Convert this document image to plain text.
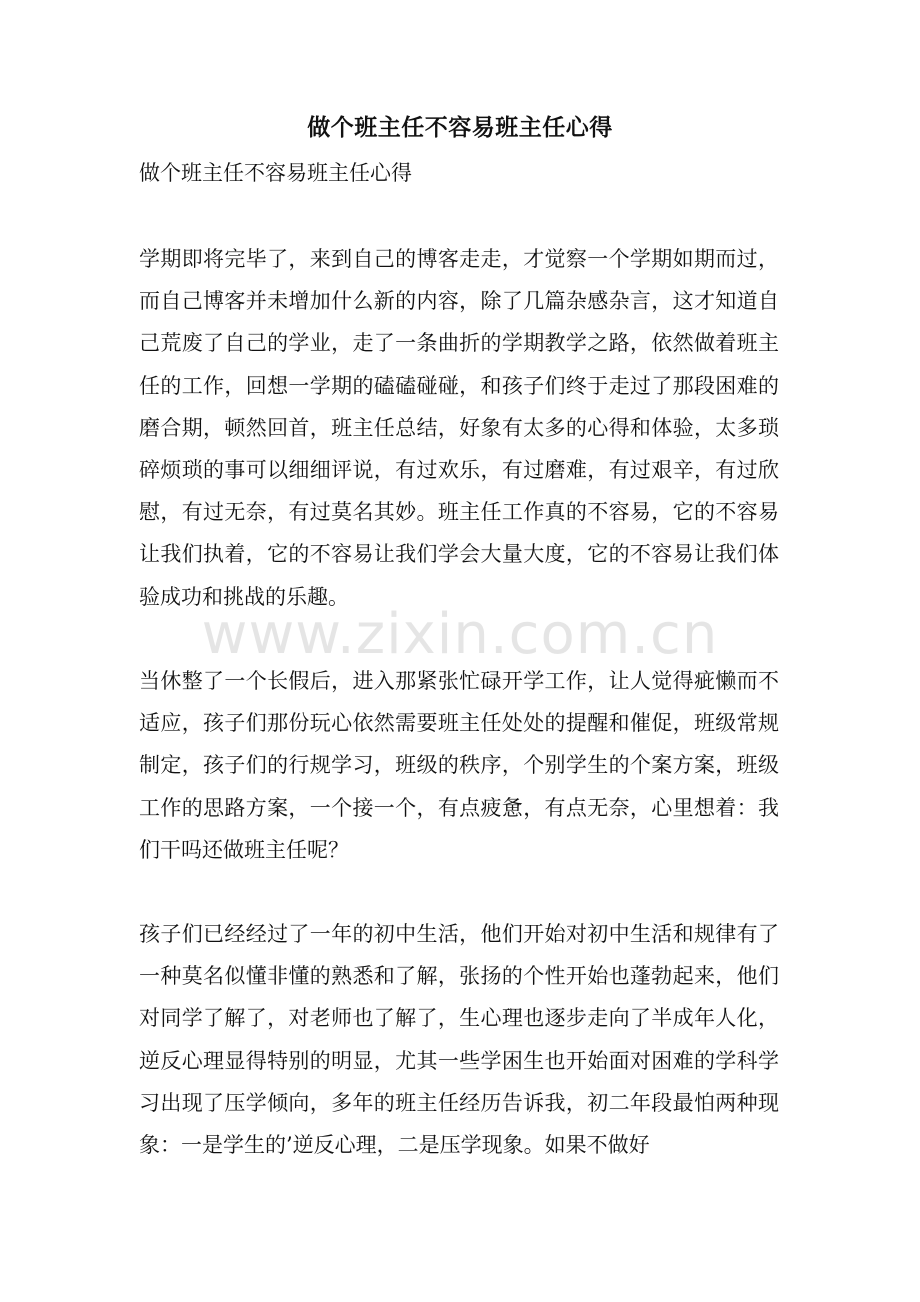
做个班主任不容易班主任心得
做个班主任不容易班主任心得

学期即将完毕了，来到自己的博客走走，才觉察一个学期如期而过，而自己博客并未增加什么新的内容，除了几篇杂感杂言，这才知道自己荒废了自己的学业，走了一条曲折的学期教学之路，依然做着班主任的工作，回想一学期的磕磕碰碰，和孩子们终于走过了那段困难的磨合期，顿然回首，班主任总结，好象有太多的心得和体验，太多琐碎烦琐的事可以细细评说，有过欢乐，有过磨难，有过艰辛，有过欣慰，有过无奈，有过莫名其妙。班主任工作真的不容易，它的不容易让我们执着，它的不容易让我们学会大量大度，它的不容易让我们体验成功和挑战的乐趣。

当休整了一个长假后，进入那紧张忙碌开学工作，让人觉得疵懒而不适应，孩子们那份玩心依然需要班主任处处的提醒和催促，班级常规制定，孩子们的行规学习，班级的秩序，个别学生的个案方案，班级工作的思路方案，一个接一个，有点疲惫，有点无奈，心里想着：我们干吗还做班主任呢？

孩子们已经经过了一年的初中生活，他们开始对初中生活和规律有了一种莫名似懂非懂的熟悉和了解，张扬的个性开始也蓬勃起来，他们对同学了解了，对老师也了解了，生心理也逐步走向了半成年人化，逆反心理显得特别的明显，尤其一些学困生也开始面对困难的学科学习出现了压学倾向，多年的班主任经历告诉我，初二年段最怕两种现象：一是学生的’逆反心理，二是压学现象。如果不做好

www.zixin.com.cn
